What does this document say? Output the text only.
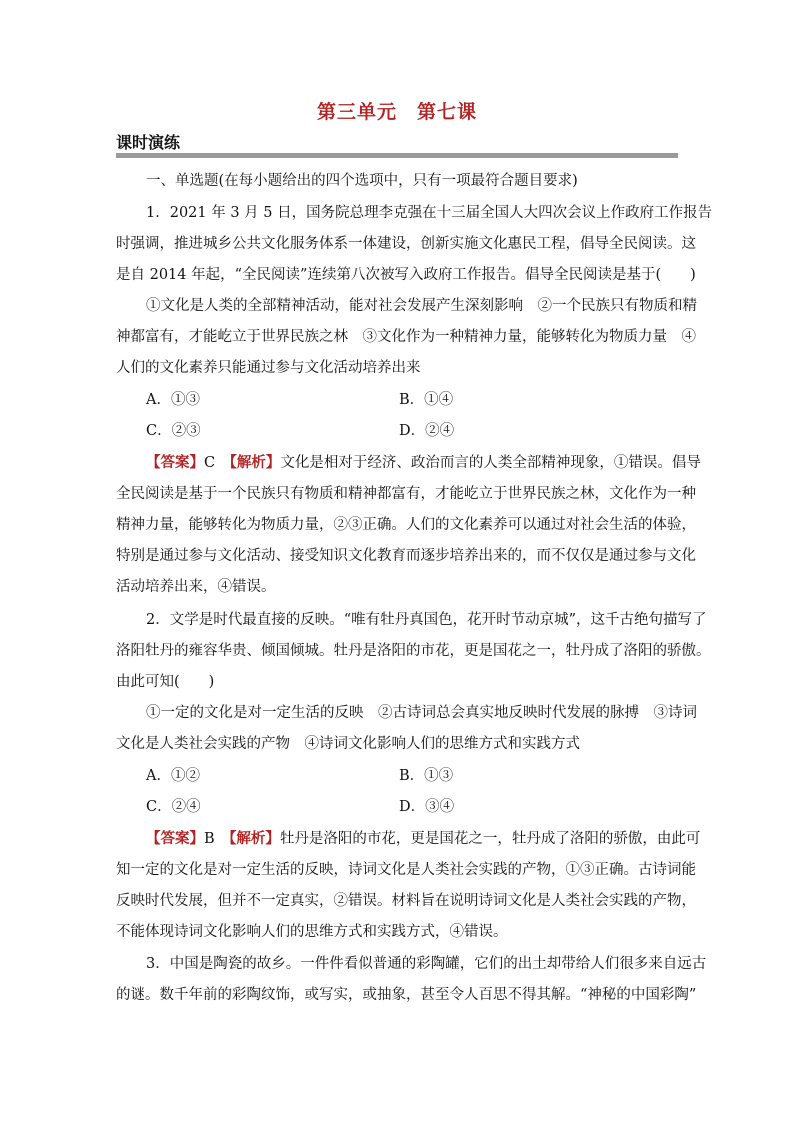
第三单元　第七课
课时演练
一、单选题(在每小题给出的四个选项中，只有一项最符合题目要求)
1．2021 年 3 月 5 日，国务院总理李克强在十三届全国人大四次会议上作政府工作报告
时强调，推进城乡公共文化服务体系一体建设，创新实施文化惠民工程，倡导全民阅读。这
是自 2014 年起，“全民阅读”连续第八次被写入政府工作报告。倡导全民阅读是基于(　　)
①文化是人类的全部精神活动，能对社会发展产生深刻影响　②一个民族只有物质和精
神都富有，才能屹立于世界民族之林　③文化作为一种精神力量，能够转化为物质力量　④
人们的文化素养只能通过参与文化活动培养出来
A．①③	B．①④
C．②③	D．②④
【答案】C　 【解析】文化是相对于经济、政治而言的人类全部精神现象，①错误。倡导
全民阅读是基于一个民族只有物质和精神都富有，才能屹立于世界民族之林，文化作为一种
精神力量，能够转化为物质力量，②③正确。人们的文化素养可以通过对社会生活的体验，
特别是通过参与文化活动、接受知识文化教育而逐步培养出来的，而不仅仅是通过参与文化
活动培养出来，④错误。
2．文学是时代最直接的反映。“唯有牡丹真国色，花开时节动京城”，这千古绝句描写了
洛阳牡丹的雍容华贵、倾国倾城。牡丹是洛阳的市花，更是国花之一，牡丹成了洛阳的骄傲。
由此可知(　　)
①一定的文化是对一定生活的反映　②古诗词总会真实地反映时代发展的脉搏　③诗词
文化是人类社会实践的产物　④诗词文化影响人们的思维方式和实践方式
A．①②	B．①③
C．②④	D．③④
【答案】B　 【解析】牡丹是洛阳的市花，更是国花之一，牡丹成了洛阳的骄傲，由此可
知一定的文化是对一定生活的反映，诗词文化是人类社会实践的产物，①③正确。古诗词能
反映时代发展，但并不一定真实，②错误。材料旨在说明诗词文化是人类社会实践的产物，
不能体现诗词文化影响人们的思维方式和实践方式，④错误。
3．中国是陶瓷的故乡。一件件看似普通的彩陶罐，它们的出土却带给人们很多来自远古
的谜。数千年前的彩陶纹饰，或写实，或抽象，甚至令人百思不得其解。“神秘的中国彩陶”
